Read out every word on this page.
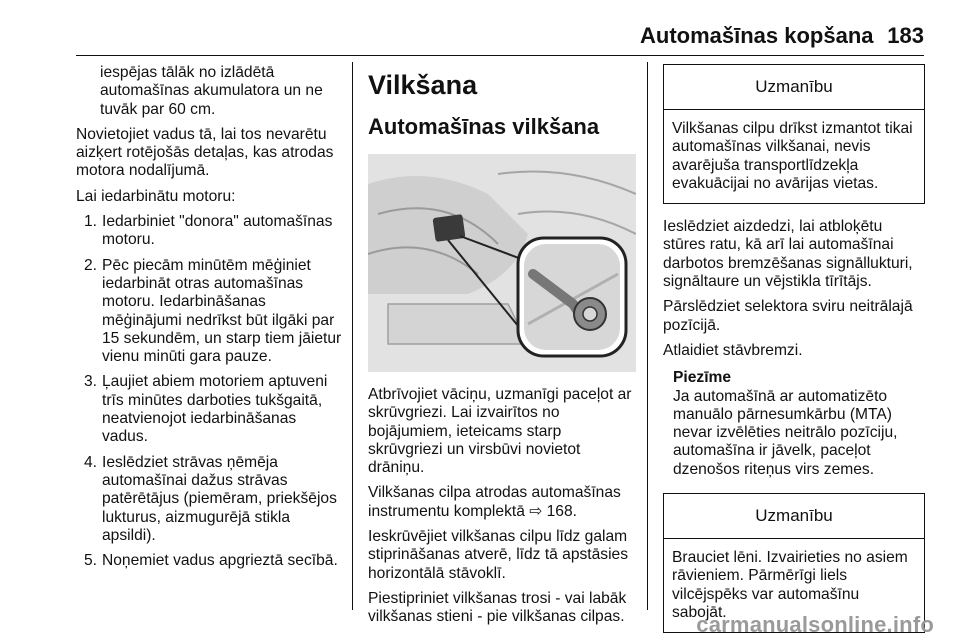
Automašīnas kopšana 183

iespējas tālāk no izlādētā automašīnas akumulatora un ne tuvāk par 60 cm.

Novietojiet vadus tā, lai tos nevarētu aizķert rotējošās detaļas, kas atrodas motora nodalījumā.

Lai iedarbinātu motoru:

1. Iedarbiniet "donora" automašīnas motoru.
2. Pēc piecām minūtēm mēģiniet iedarbināt otras automašīnas motoru. Iedarbināšanas mēģinājumi nedrīkst būt ilgāki par 15 sekundēm, un starp tiem jāietur vienu minūti gara pauze.
3. Ļaujiet abiem motoriem aptuveni trīs minūtes darboties tukšgaitā, neatvienojot iedarbināšanas vadus.
4. Ieslēdziet strāvas ņēmēja automašīnai dažus strāvas patērētājus (piemēram, priekšējos lukturus, aizmugurējā stikla apsildi).
5. Noņemiet vadus apgrieztā secībā.
Vilkšana
Automašīnas vilkšana

Atbrīvojiet vāciņu, uzmanīgi paceļot ar skrūvgriezi. Lai izvairītos no bojājumiem, ieteicams starp skrūvgriezi un virsbūvi novietot drāniņu.

Vilkšanas cilpa atrodas automašīnas instrumentu komplektā ⇨ 168.

Ieskrūvējiet vilkšanas cilpu līdz galam stiprināšanas atverē, līdz tā apstāsies horizontālā stāvoklī.

Piestipriniet vilkšanas trosi - vai labāk vilkšanas stieni - pie vilkšanas cilpas.

Uzmanību
Vilkšanas cilpu drīkst izmantot tikai automašīnas vilkšanai, nevis avarējuša transportlīdzekļa evakuācijai no avārijas vietas.

Ieslēdziet aizdedzi, lai atbloķētu stūres ratu, kā arī lai automašīnai darbotos bremzēšanas signāllukturi, signāltaure un vējstikla tīrītājs.

Pārslēdziet selektora sviru neitrālajā pozīcijā.

Atlaidiet stāvbremzi.

Piezīme
Ja automašīnā ar automatizēto manuālo pārnesumkārbu (MTA) nevar izvēlēties neitrālo pozīciju, automašīna ir jāvelk, paceļot dzenošos riteņus virs zemes.
Uzmanību
Brauciet lēni. Izvairieties no asiem rāvieniem. Pārmērīgi liels vilcējspēks var automašīnu sabojāt.
carmanualsonline.info
